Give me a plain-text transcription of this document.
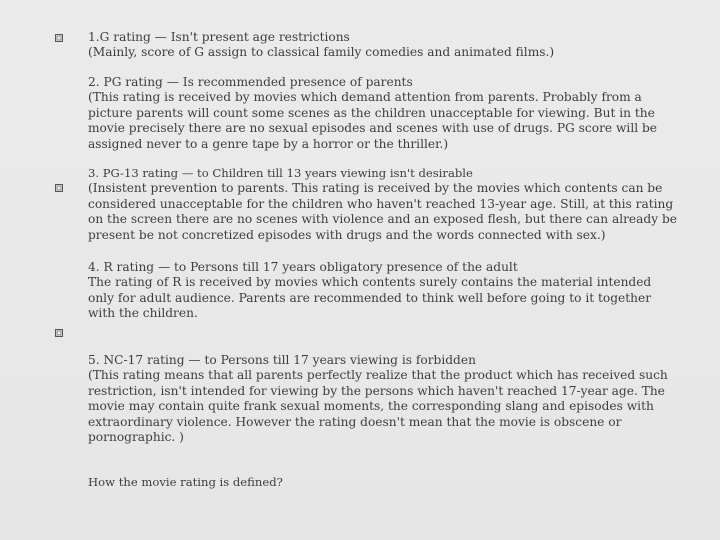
1.G rating — Isn't present age restrictions
(Mainly, score of G assign to classical family comedies and animated films.)
2. PG rating — Is recommended presence of parents
(This rating is received by movies which demand attention from parents. Probably from a
picture parents will count some scenes as the children unacceptable for viewing. But in the
movie precisely there are no sexual episodes and scenes with use of drugs. PG score will be
assigned never to a genre tape by a horror or the thriller.)
3. PG-13 rating — to Children till 13 years viewing isn't desirable
(Insistent prevention to parents. This rating is received by the movies which contents can be
considered unacceptable for the children who haven't reached 13-year age. Still, at this rating
on the screen there are no scenes with violence and an exposed flesh, but there can already be
present be not concretized episodes with drugs and the words connected with sex.)
4. R rating — to Persons till 17 years obligatory presence of the adult
The rating of R is received by movies which contents surely contains the material intended
only for adult audience. Parents are recommended to think well before going to it together
with the children.
5. NC-17 rating — to Persons till 17 years viewing is forbidden
(This rating means that all parents perfectly realize that the product which has received such
restriction, isn't intended for viewing by the persons which haven't reached 17-year age. The
movie may contain quite frank sexual moments, the corresponding slang and episodes with
extraordinary violence. However the rating doesn't mean that the movie is obscene or
pornographic. )
How the movie rating is defined?
